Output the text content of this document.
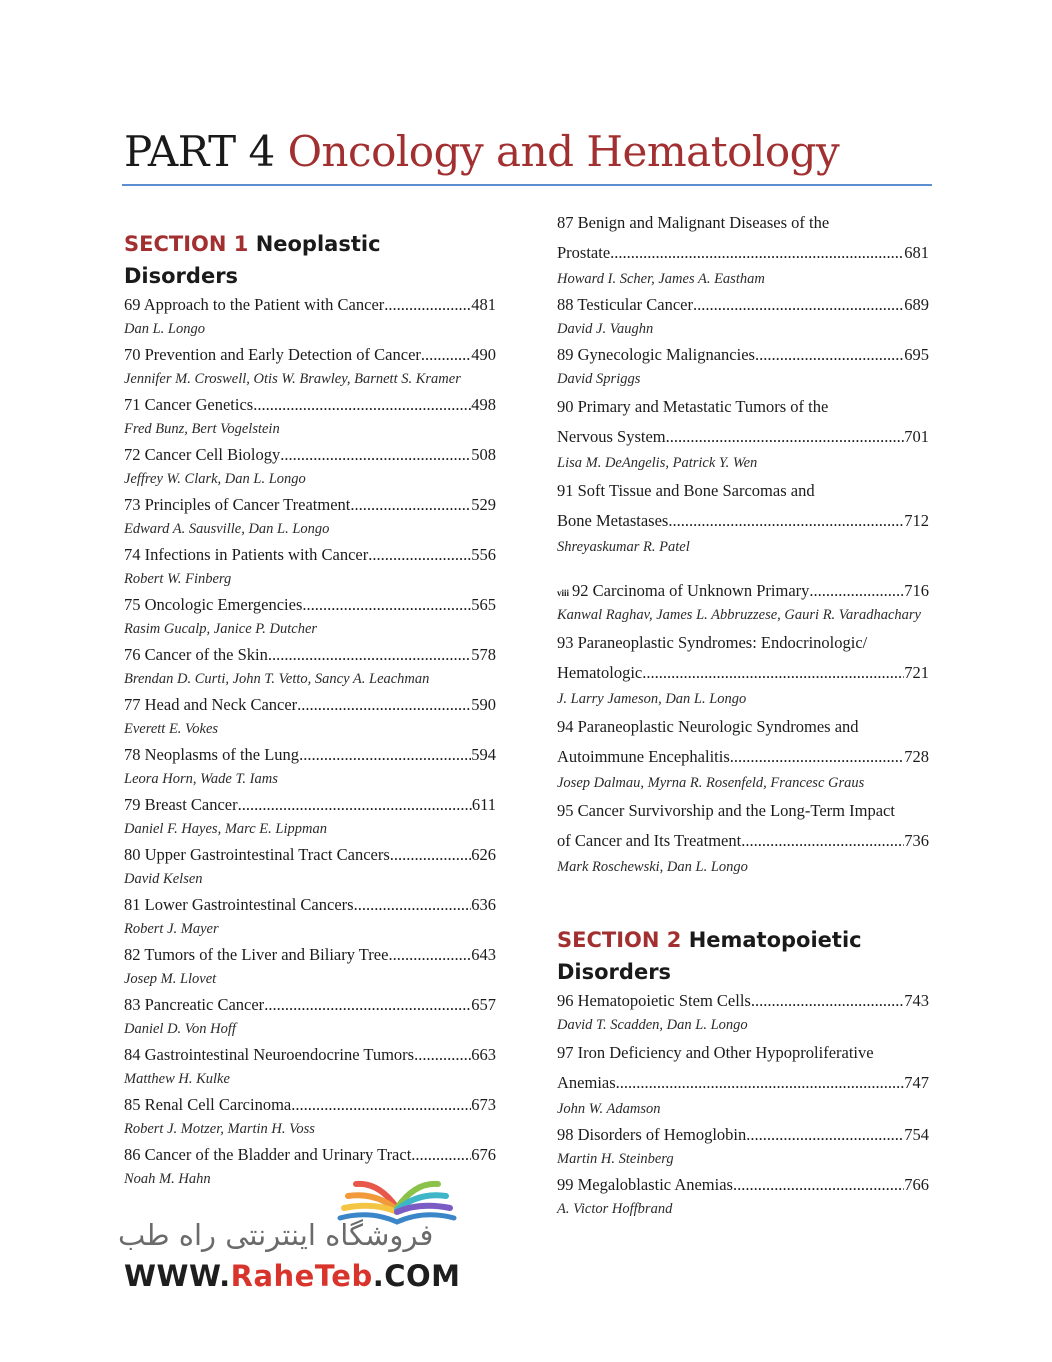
PART 4 Oncology and Hematology
SECTION 1 Neoplastic Disorders
69 Approach to the Patient with Cancer .....	481
Dan L. Longo
70 Prevention and Early Detection of Cancer .....	490
Jennifer M. Croswell, Otis W. Brawley, Barnett S. Kramer
71 Cancer Genetics .....	498
Fred Bunz, Bert Vogelstein
72 Cancer Cell Biology .....	508
Jeffrey W. Clark, Dan L. Longo
73 Principles of Cancer Treatment .....	529
Edward A. Sausville, Dan L. Longo
74 Infections in Patients with Cancer .....	556
Robert W. Finberg
75 Oncologic Emergencies .....	565
Rasim Gucalp, Janice P. Dutcher
76 Cancer of the Skin .....	578
Brendan D. Curti, John T. Vetto, Sancy A. Leachman
77 Head and Neck Cancer .....	590
Everett E. Vokes
78 Neoplasms of the Lung .....	594
Leora Horn, Wade T. Iams
79 Breast Cancer .....	611
Daniel F. Hayes, Marc E. Lippman
80 Upper Gastrointestinal Tract Cancers .....	626
David Kelsen
81 Lower Gastrointestinal Cancers .....	636
Robert J. Mayer
82 Tumors of the Liver and Biliary Tree .....	643
Josep M. Llovet
83 Pancreatic Cancer .....	657
Daniel D. Von Hoff
84 Gastrointestinal Neuroendocrine Tumors .....	663
Matthew H. Kulke
85 Renal Cell Carcinoma .....	673
Robert J. Motzer, Martin H. Voss
86 Cancer of the Bladder and Urinary Tract .....	676
Noah M. Hahn
87 Benign and Malignant Diseases of the
Prostate .....	681
Howard I. Scher, James A. Eastham
88 Testicular Cancer .....	689
David J. Vaughn
89 Gynecologic Malignancies .....	695
David Spriggs
90 Primary and Metastatic Tumors of the
Nervous System .....	701
Lisa M. DeAngelis, Patrick Y. Wen
91 Soft Tissue and Bone Sarcomas and
Bone Metastases .....	712
Shreyaskumar R. Patel
viii 92 Carcinoma of Unknown Primary .....	716
Kanwal Raghav, James L. Abbruzzese, Gauri R. Varadhachary
93 Paraneoplastic Syndromes: Endocrinologic/
Hematologic .....	721
J. Larry Jameson, Dan L. Longo
94 Paraneoplastic Neurologic Syndromes and
Autoimmune Encephalitis .....	728
Josep Dalmau, Myrna R. Rosenfeld, Francesc Graus
95 Cancer Survivorship and the Long-Term Impact
of Cancer and Its Treatment .....	736
Mark Roschewski, Dan L. Longo
SECTION 2 Hematopoietic Disorders
96 Hematopoietic Stem Cells .....	743
David T. Scadden, Dan L. Longo
97 Iron Deficiency and Other Hypoproliferative
Anemias .....	747
John W. Adamson
98 Disorders of Hemoglobin .....	754
Martin H. Steinberg
99 Megaloblastic Anemias .....	766
A. Victor Hoffbrand
فروشگاه اینترنتی راه طب
WWW.RaheTeb.COM
